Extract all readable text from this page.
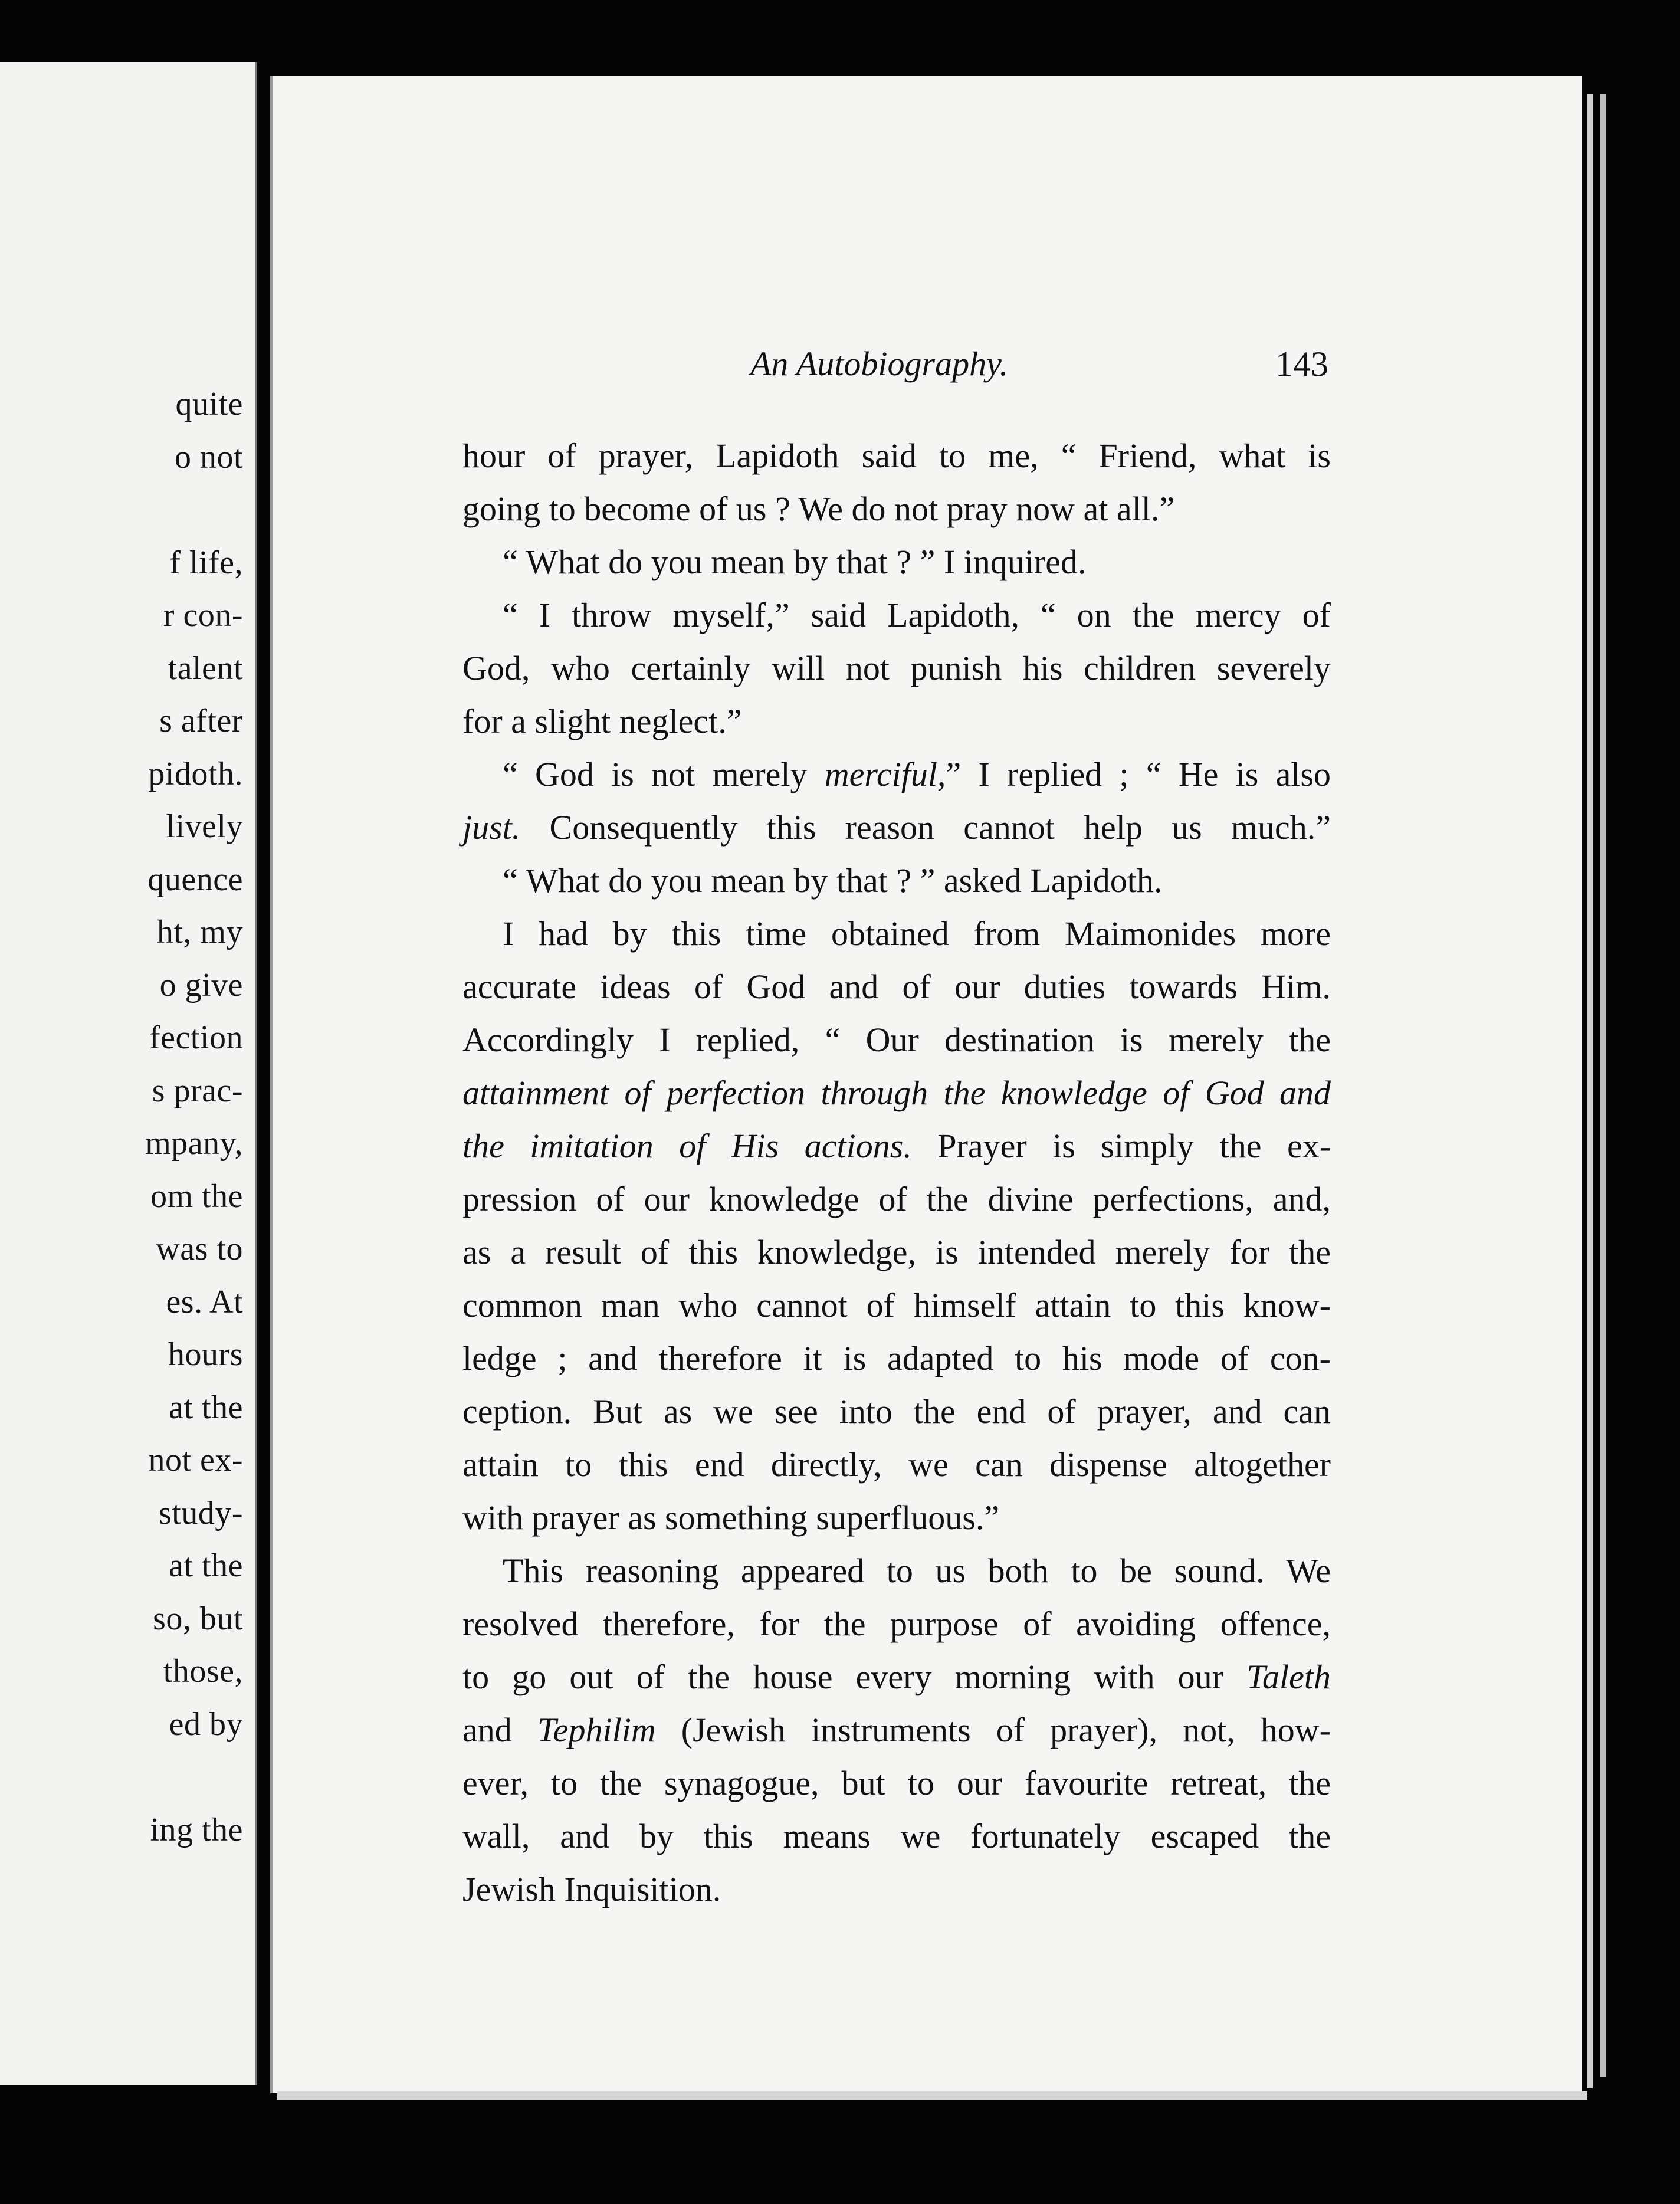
quite
o not
f life,
r con-
talent
s after
pidoth.
lively
quence
ht, my
o give
fection
s prac-
mpany,
om the
was to
es. At
hours
at the
not ex-
study-
at the
so, but
those,
ed by
ing the
An Autobiography.	143
hour of prayer, Lapidoth said to me, “ Friend, what is
going to become of us ? We do not pray now at all.”
“ What do you mean by that ? ” I inquired.
“ I throw myself,” said Lapidoth, “ on the mercy of
God, who certainly will not punish his children severely
for a slight neglect.”
“ God is not merely merciful,” I replied ; “ He is also
just. Consequently this reason cannot help us much.”
“ What do you mean by that ? ” asked Lapidoth.
I had by this time obtained from Maimonides more
accurate ideas of God and of our duties towards Him.
Accordingly I replied, “ Our destination is merely the
attainment of perfection through the knowledge of God and
the imitation of His actions. Prayer is simply the ex-
pression of our knowledge of the divine perfections, and,
as a result of this knowledge, is intended merely for the
common man who cannot of himself attain to this know-
ledge ; and therefore it is adapted to his mode of con-
ception. But as we see into the end of prayer, and can
attain to this end directly, we can dispense altogether
with prayer as something superfluous.”
This reasoning appeared to us both to be sound. We
resolved therefore, for the purpose of avoiding offence,
to go out of the house every morning with our Taleth
and Tephilim (Jewish instruments of prayer), not, how-
ever, to the synagogue, but to our favourite retreat, the
wall, and by this means we fortunately escaped the
Jewish Inquisition.
